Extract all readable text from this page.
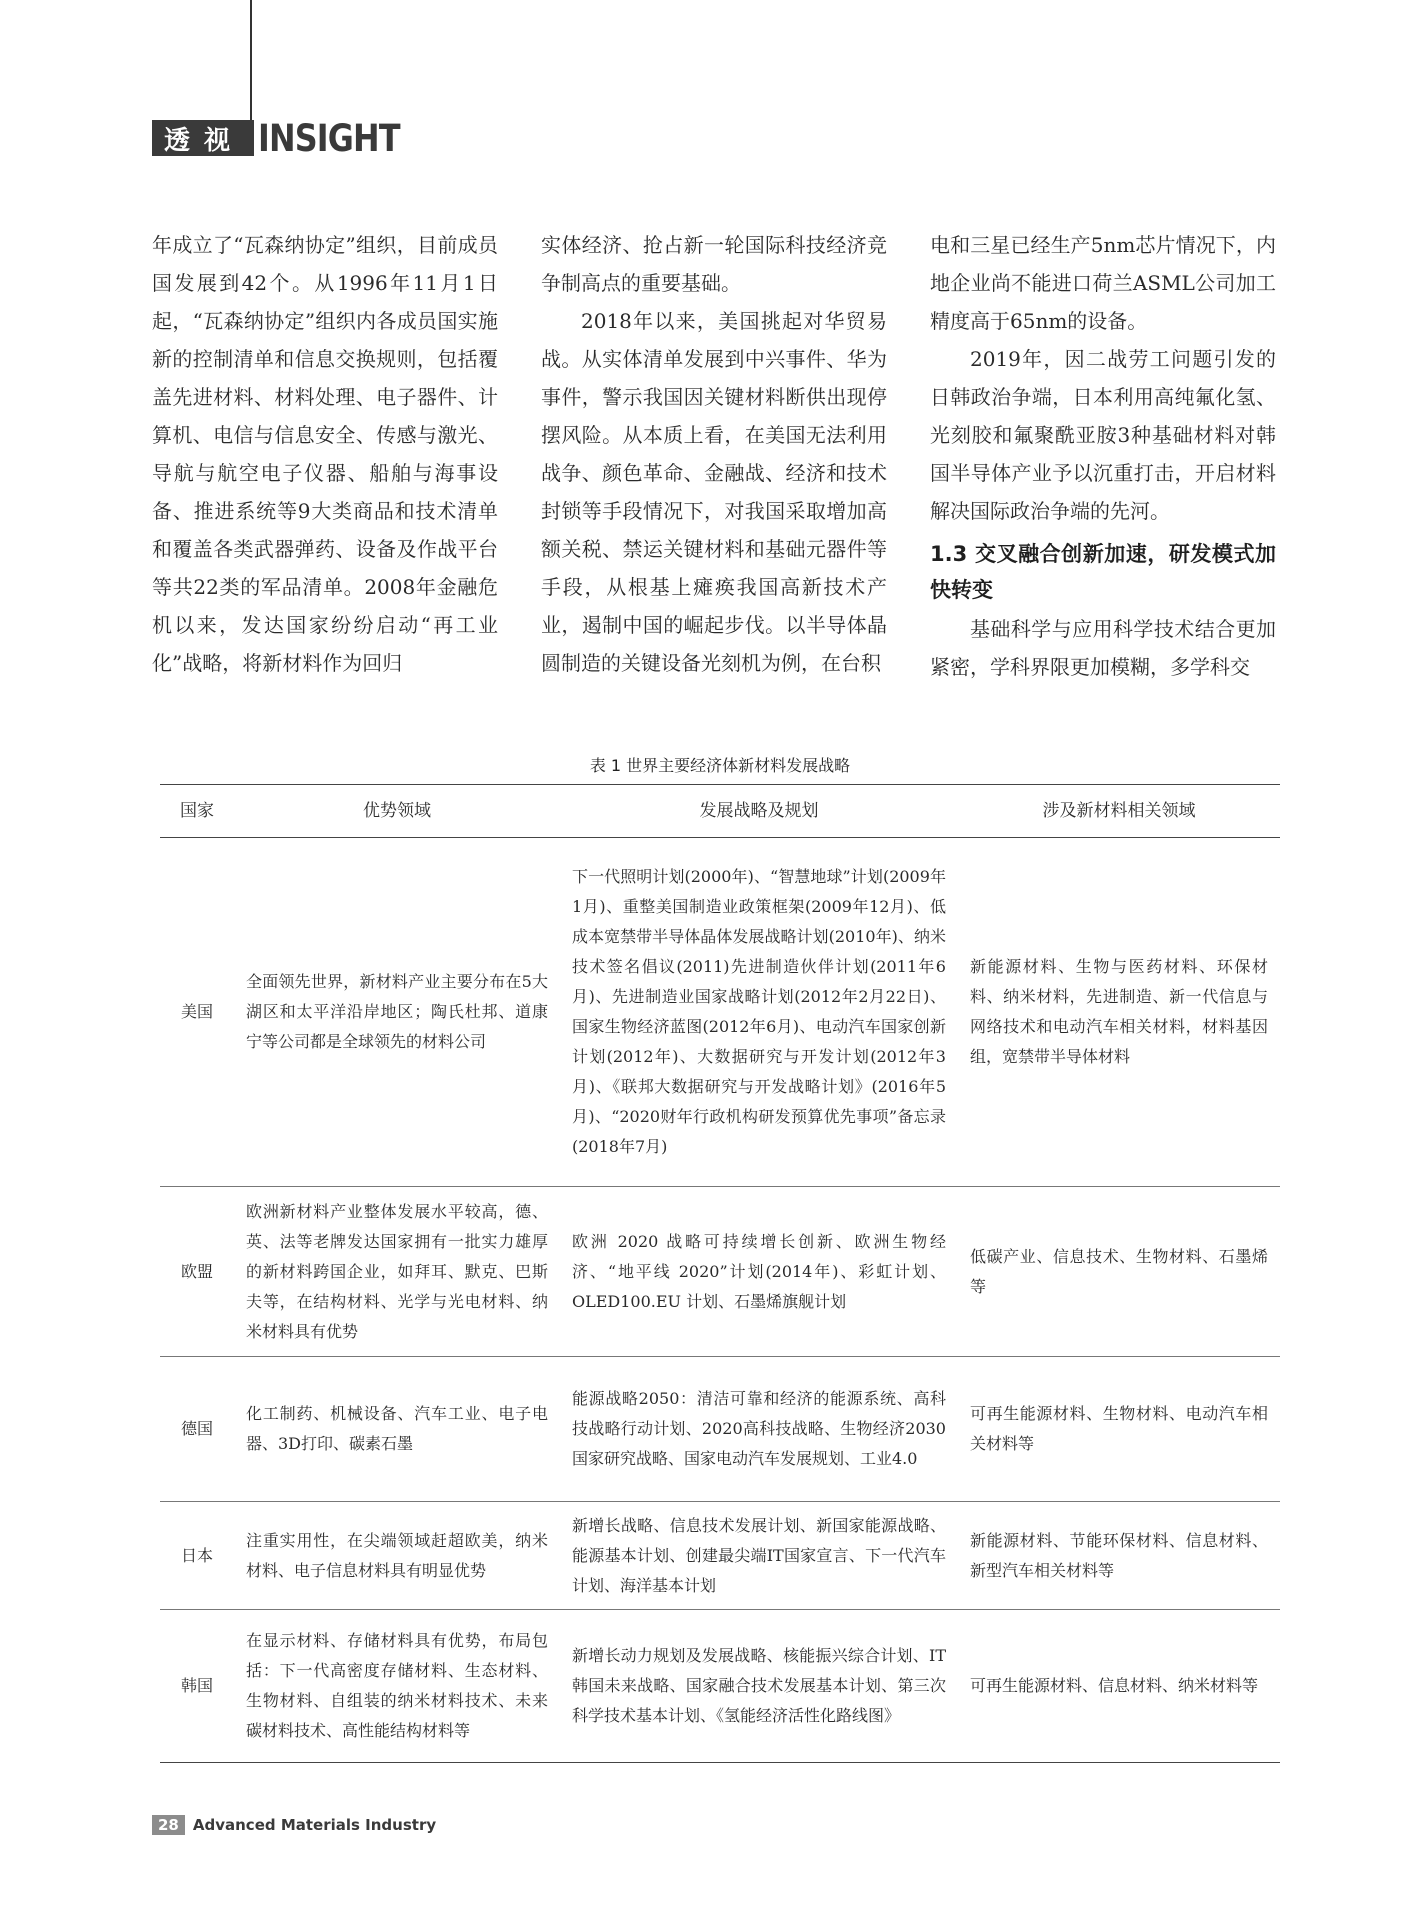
透视 INSIGHT

年成立了“瓦森纳协定”组织，目前成员国发展到42个。从1996年11月1日起，“瓦森纳协定”组织内各成员国实施新的控制清单和信息交换规则，包括覆盖先进材料、材料处理、电子器件、计算机、电信与信息安全、传感与激光、导航与航空电子仪器、船舶与海事设备、推进系统等9大类商品和技术清单和覆盖各类武器弹药、设备及作战平台等共22类的军品清单。2008年金融危机以来，发达国家纷纷启动“再工业化”战略，将新材料作为回归

实体经济、抢占新一轮国际科技经济竞争制高点的重要基础。

2018年以来，美国挑起对华贸易战。从实体清单发展到中兴事件、华为事件，警示我国因关键材料断供出现停摆风险。从本质上看，在美国无法利用战争、颜色革命、金融战、经济和技术封锁等手段情况下，对我国采取增加高额关税、禁运关键材料和基础元器件等手段，从根基上瘫痪我国高新技术产业，遏制中国的崛起步伐。以半导体晶圆制造的关键设备光刻机为例，在台积

电和三星已经生产5nm芯片情况下，内地企业尚不能进口荷兰ASML公司加工精度高于65nm的设备。

2019年，因二战劳工问题引发的日韩政治争端，日本利用高纯氟化氢、光刻胶和氟聚酰亚胺3种基础材料对韩国半导体产业予以沉重打击，开启材料解决国际政治争端的先河。

1.3 交叉融合创新加速，研发模式加快转变

基础科学与应用科学技术结合更加紧密，学科界限更加模糊，多学科交

表 1 世界主要经济体新材料发展战略
国家	优势领域	发展战略及规划	涉及新材料相关领域
美国	全面领先世界，新材料产业主要分布在5大湖区和太平洋沿岸地区；陶氏杜邦、道康宁等公司都是全球领先的材料公司	下一代照明计划(2000年)、“智慧地球”计划(2009年1月)、重整美国制造业政策框架(2009年12月)、低成本宽禁带半导体晶体发展战略计划(2010年)、纳米技术签名倡议(2011)先进制造伙伴计划(2011年6月)、先进制造业国家战略计划(2012年2月22日)、国家生物经济蓝图(2012年6月)、电动汽车国家创新计划(2012年)、大数据研究与开发计划(2012年3月)、《联邦大数据研究与开发战略计划》(2016年5月)、“2020财年行政机构研发预算优先事项”备忘录(2018年7月)	新能源材料、生物与医药材料、环保材料、纳米材料，先进制造、新一代信息与网络技术和电动汽车相关材料，材料基因组，宽禁带半导体材料
欧盟	欧洲新材料产业整体发展水平较高，德、英、法等老牌发达国家拥有一批实力雄厚的新材料跨国企业，如拜耳、默克、巴斯夫等，在结构材料、光学与光电材料、纳米材料具有优势	欧洲 2020 战略可持续增长创新、欧洲生物经济、“地平线 2020”计划(2014年)、彩虹计划、OLED100.EU 计划、石墨烯旗舰计划	低碳产业、信息技术、生物材料、石墨烯等
德国	化工制药、机械设备、汽车工业、电子电器、3D打印、碳素石墨	能源战略2050：清洁可靠和经济的能源系统、高科技战略行动计划、2020高科技战略、生物经济2030国家研究战略、国家电动汽车发展规划、工业4.0	可再生能源材料、生物材料、电动汽车相关材料等
日本	注重实用性，在尖端领域赶超欧美，纳米材料、电子信息材料具有明显优势	新增长战略、信息技术发展计划、新国家能源战略、能源基本计划、创建最尖端IT国家宣言、下一代汽车计划、海洋基本计划	新能源材料、节能环保材料、信息材料、新型汽车相关材料等
韩国	在显示材料、存储材料具有优势，布局包括：下一代高密度存储材料、生态材料、生物材料、自组装的纳米材料技术、未来碳材料技术、高性能结构材料等	新增长动力规划及发展战略、核能振兴综合计划、IT韩国未来战略、国家融合技术发展基本计划、第三次科学技术基本计划、《氢能经济活性化路线图》	可再生能源材料、信息材料、纳米材料等
28 Advanced Materials Industry
